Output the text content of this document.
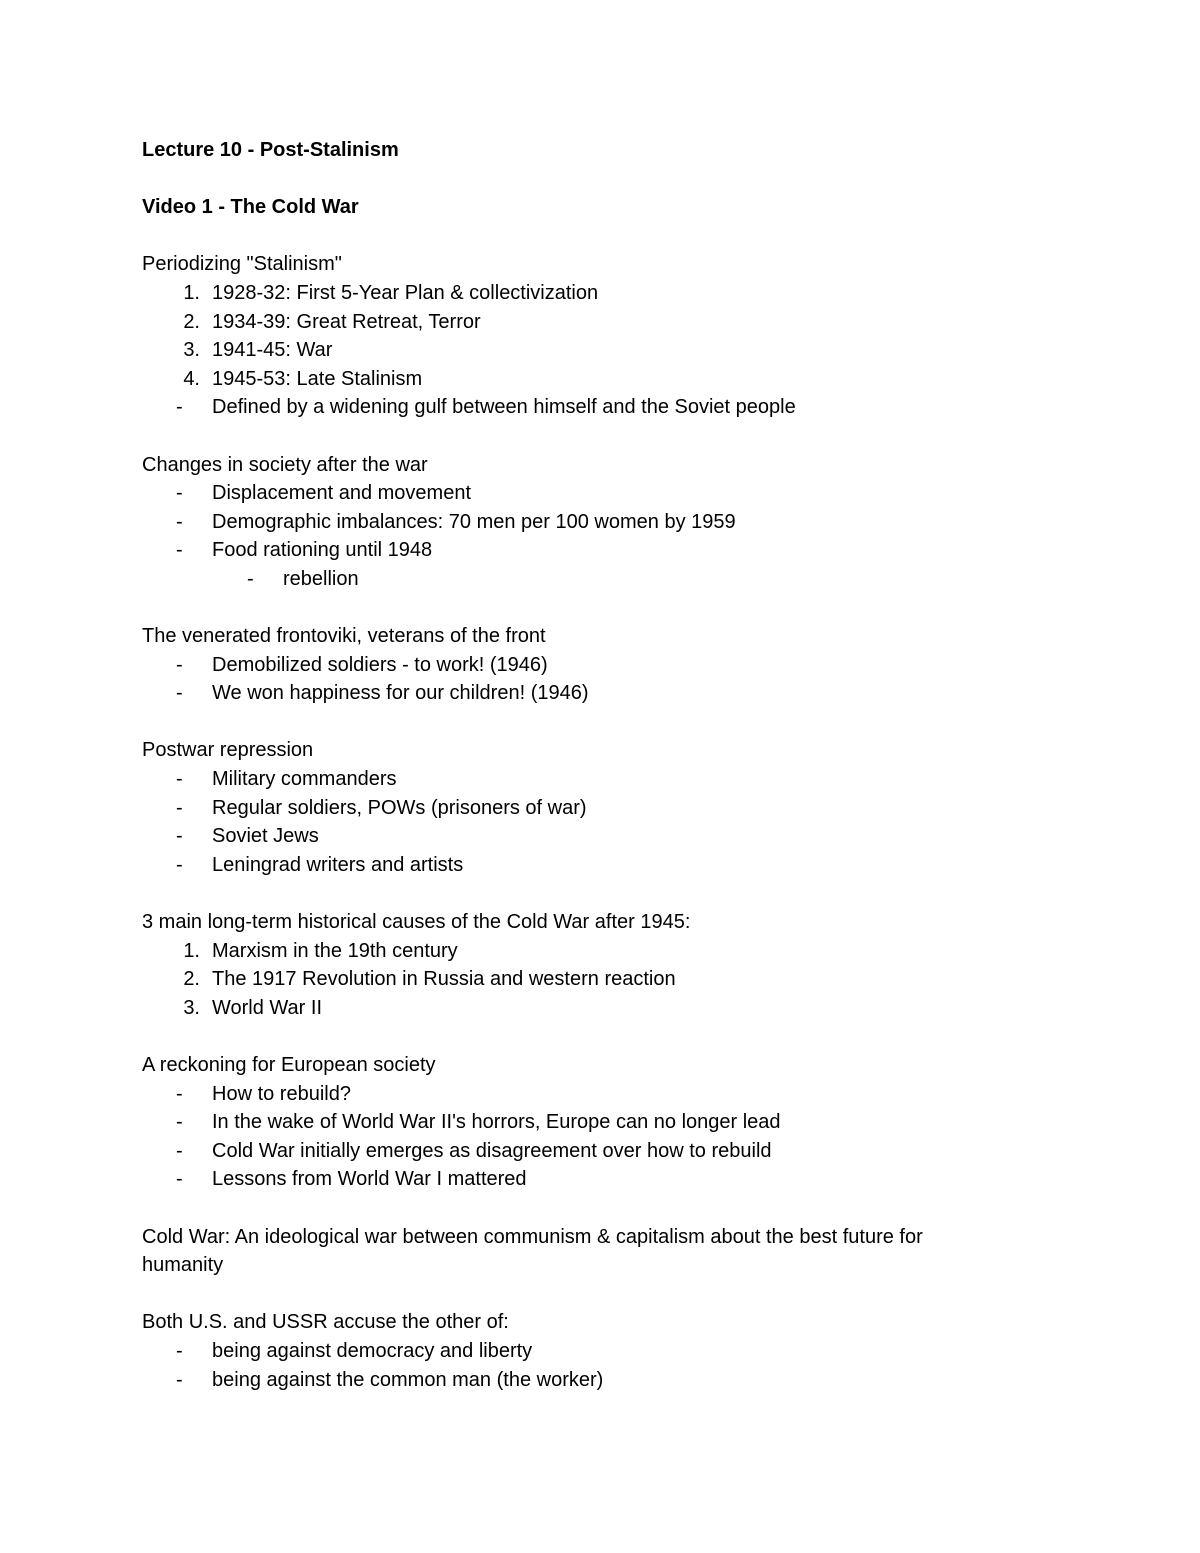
Lecture 10 - Post-Stalinism

Video 1 - The Cold War

Periodizing "Stalinism"

1. 1928-32: First 5-Year Plan & collectivization
2. 1934-39: Great Retreat, Terror
3. 1941-45: War
4. 1945-53: Late Stalinism
- Defined by a widening gulf between himself and the Soviet people

Changes in society after the war

- Displacement and movement
- Demographic imbalances: 70 men per 100 women by 1959
- Food rationing until 1948
- rebellion

The venerated frontoviki, veterans of the front

- Demobilized soldiers - to work! (1946)
- We won happiness for our children! (1946)

Postwar repression

- Military commanders
- Regular soldiers, POWs (prisoners of war)
- Soviet Jews
- Leningrad writers and artists

3 main long-term historical causes of the Cold War after 1945:

1. Marxism in the 19th century
2. The 1917 Revolution in Russia and western reaction
3. World War II

A reckoning for European society

- How to rebuild?
- In the wake of World War II's horrors, Europe can no longer lead
- Cold War initially emerges as disagreement over how to rebuild
- Lessons from World War I mattered

Cold War: An ideological war between communism & capitalism about the best future for humanity

Both U.S. and USSR accuse the other of:

- being against democracy and liberty
- being against the common man (the worker)
